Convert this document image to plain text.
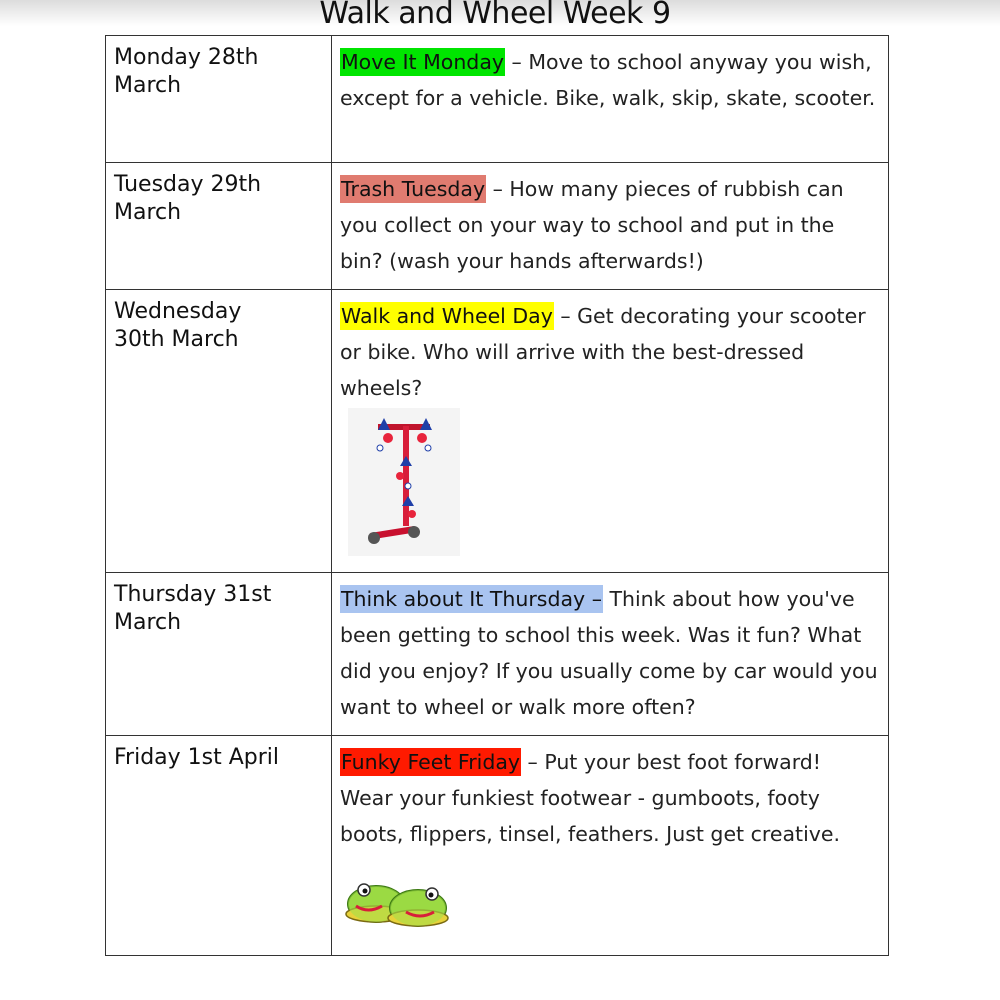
Walk and Wheel Week 9
Monday 28th March	Move It Monday – Move to school anyway you wish, except for a vehicle. Bike, walk, skip, skate, scooter.

Tuesday 29th March	Trash Tuesday – How many pieces of rubbish can you collect on your way to school and put in the bin? (wash your hands afterwards!)

Wednesday 30th March	Walk and Wheel Day – Get decorating your scooter or bike. Who will arrive with the best-dressed wheels?

Thursday 31st March	Think about It Thursday – Think about how you've been getting to school this week. Was it fun? What did you enjoy? If you usually come by car would you want to wheel or walk more often?

Friday 1st April	Funky Feet Friday – Put your best foot forward! Wear your funkiest footwear - gumboots, footy boots, flippers, tinsel, feathers. Just get creative.
